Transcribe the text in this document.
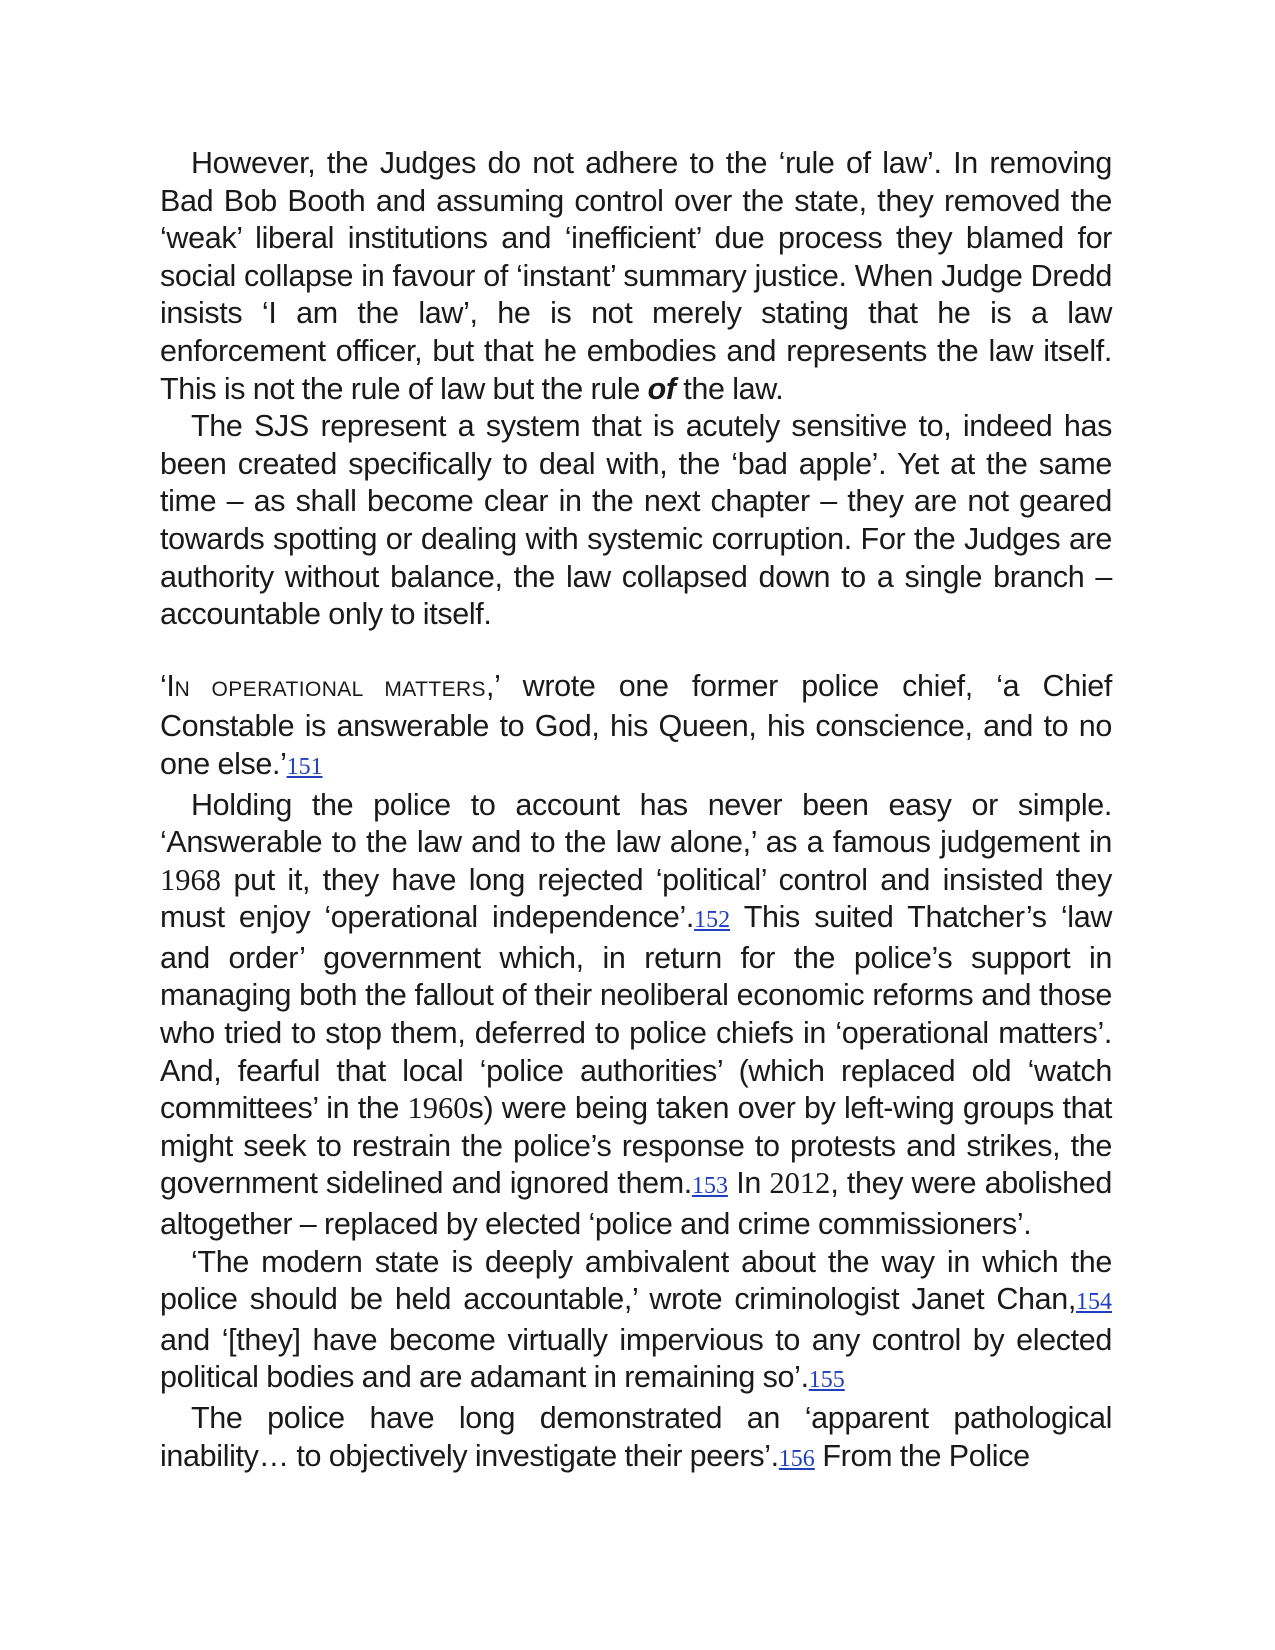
However, the Judges do not adhere to the ‘rule of law’. In removing Bad Bob Booth and assuming control over the state, they removed the ‘weak’ liberal institutions and ‘inefficient’ due process they blamed for social collapse in favour of ‘instant’ summary justice. When Judge Dredd insists ‘I am the law’, he is not merely stating that he is a law enforcement officer, but that he embodies and represents the law itself. This is not the rule of law but the rule of the law.

The SJS represent a system that is acutely sensitive to, indeed has been created specifically to deal with, the ‘bad apple’. Yet at the same time – as shall become clear in the next chapter – they are not geared towards spotting or dealing with systemic corruption. For the Judges are authority without balance, the law collapsed down to a single branch – accountable only to itself.

‘IN OPERATIONAL MATTERS,’ wrote one former police chief, ‘a Chief Constable is answerable to God, his Queen, his conscience, and to no one else.’151

Holding the police to account has never been easy or simple. ‘Answerable to the law and to the law alone,’ as a famous judgement in 1968 put it, they have long rejected ‘political’ control and insisted they must enjoy ‘operational independence’.152 This suited Thatcher’s ‘law and order’ government which, in return for the police’s support in managing both the fallout of their neoliberal economic reforms and those who tried to stop them, deferred to police chiefs in ‘operational matters’. And, fearful that local ‘police authorities’ (which replaced old ‘watch committees’ in the 1960s) were being taken over by left-wing groups that might seek to restrain the police’s response to protests and strikes, the government sidelined and ignored them.153 In 2012, they were abolished altogether – replaced by elected ‘police and crime commissioners’.

‘The modern state is deeply ambivalent about the way in which the police should be held accountable,’ wrote criminologist Janet Chan,154 and ‘[they] have become virtually impervious to any control by elected political bodies and are adamant in remaining so’.155

The police have long demonstrated an ‘apparent pathological inability… to objectively investigate their peers’.156 From the Police
